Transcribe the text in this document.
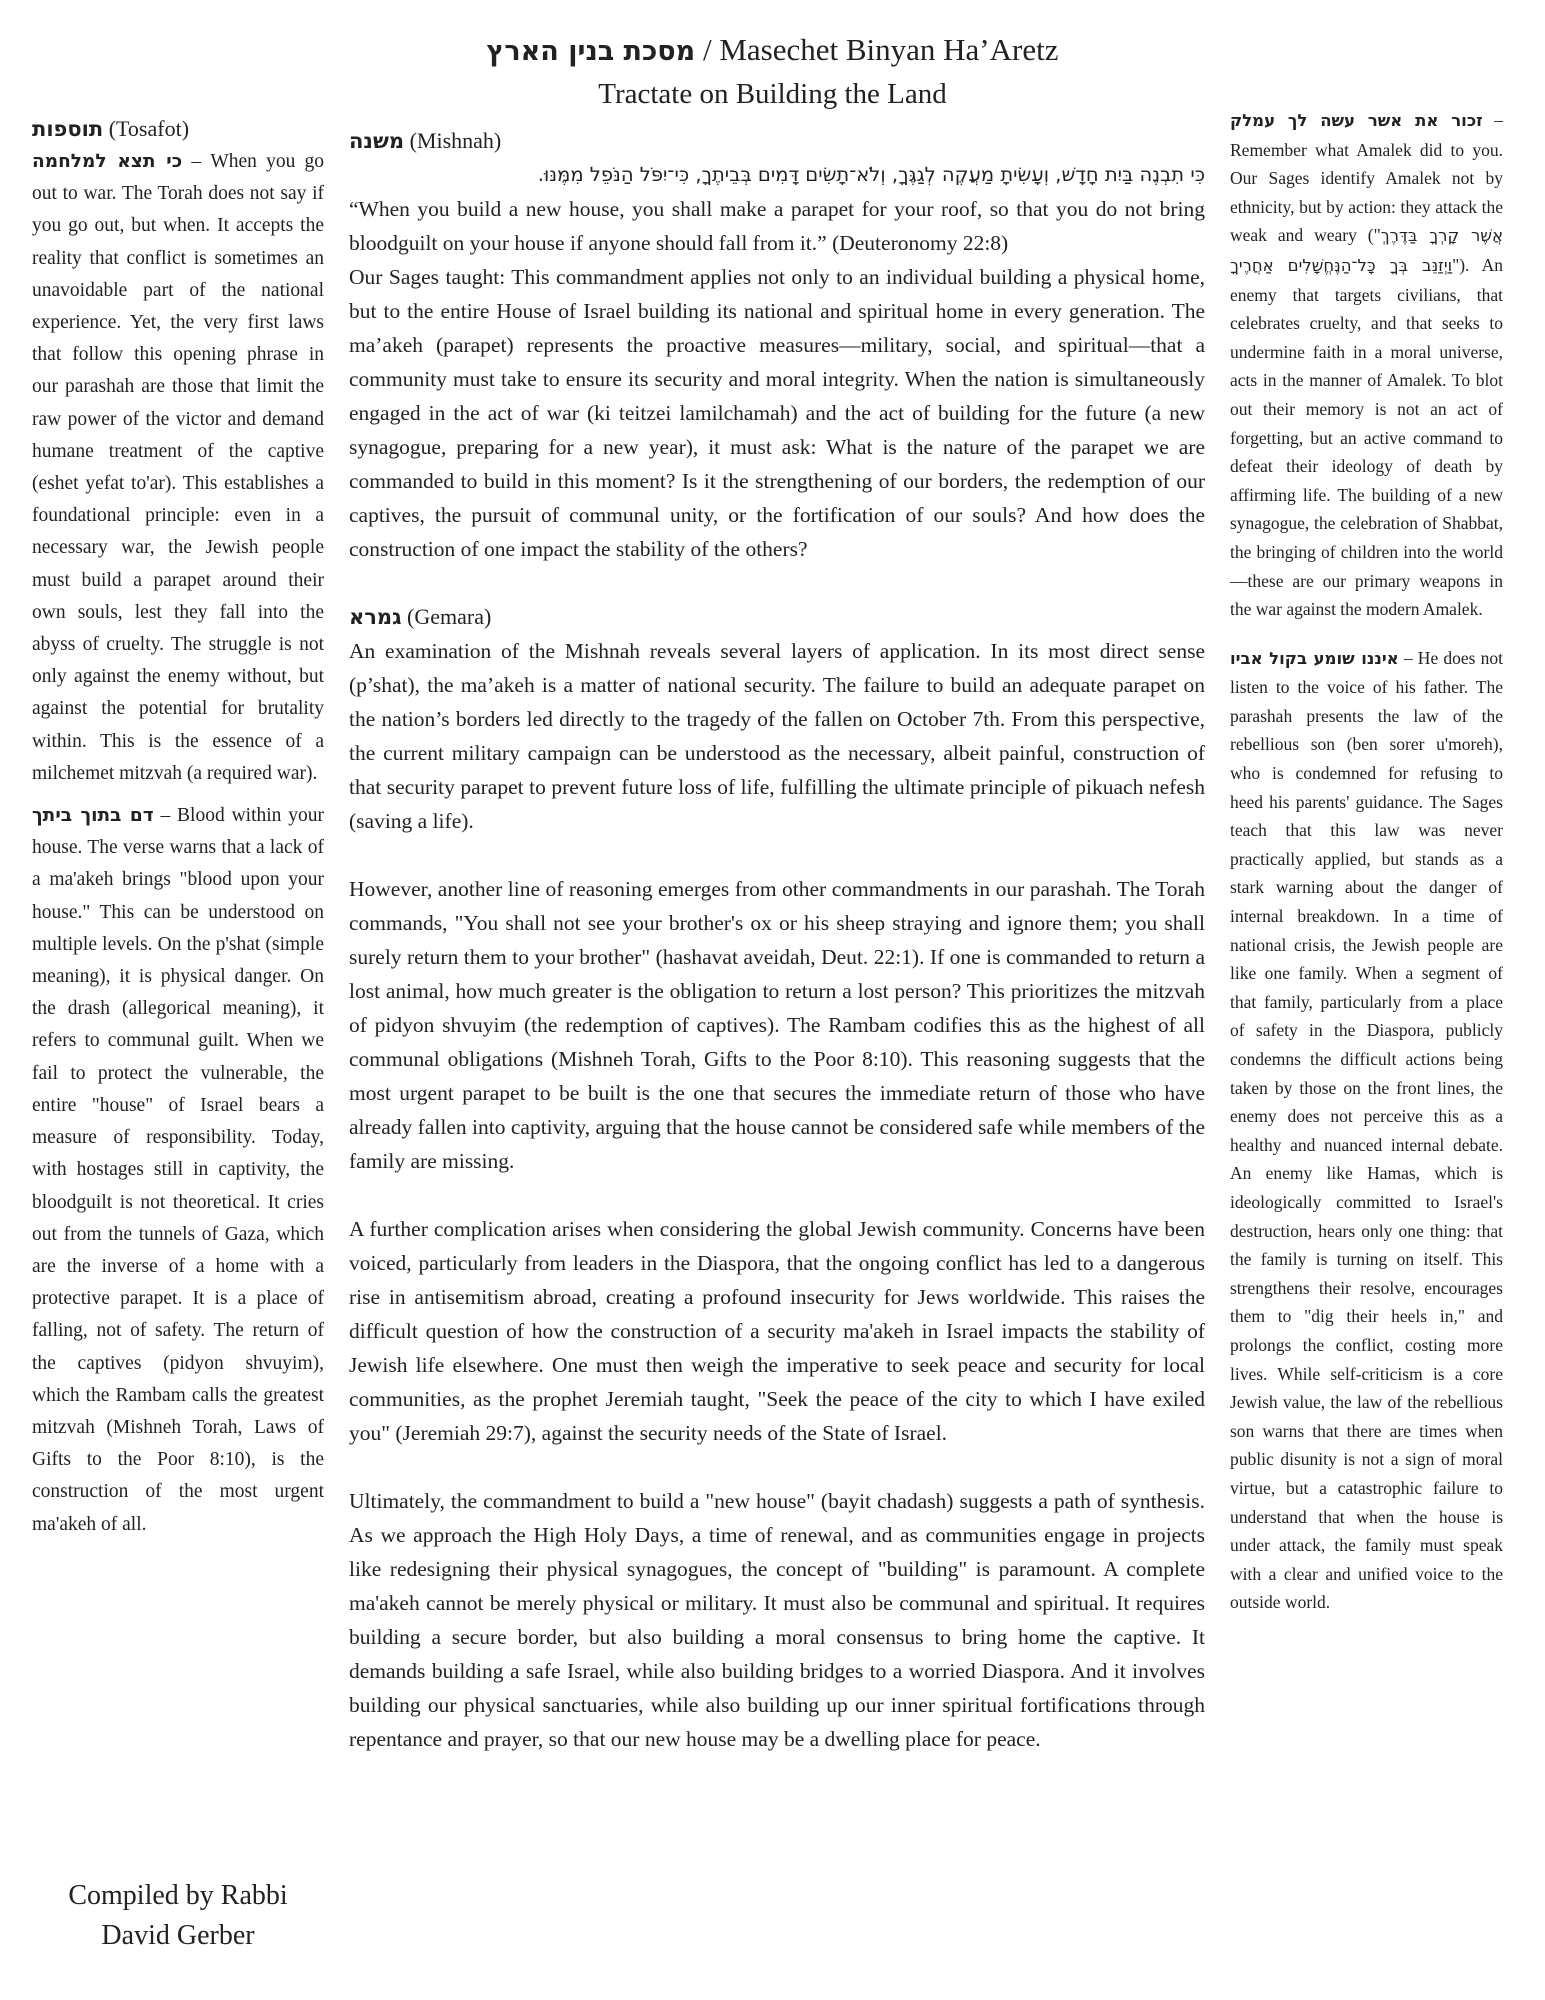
מסכת בנין הארץ / Masechet Binyan Ha’Aretz
Tractate on Building the Land
תוספות (Tosafot)

כי תצא למלחמה – When you go out to war. The Torah does not say if you go out, but when. It accepts the reality that conflict is sometimes an unavoidable part of the national experience. Yet, the very first laws that follow this opening phrase in our parashah are those that limit the raw power of the victor and demand humane treatment of the captive (eshet yefat to'ar). This establishes a foundational principle: even in a necessary war, the Jewish people must build a parapet around their own souls, lest they fall into the abyss of cruelty. The struggle is not only against the enemy without, but against the potential for brutality within. This is the essence of a milchemet mitzvah (a required war).

דם בתוך ביתך – Blood within your house. The verse warns that a lack of a ma'akeh brings "blood upon your house." This can be understood on multiple levels. On the p'shat (simple meaning), it is physical danger. On the drash (allegorical meaning), it refers to communal guilt. When we fail to protect the vulnerable, the entire "house" of Israel bears a measure of responsibility. Today, with hostages still in captivity, the bloodguilt is not theoretical. It cries out from the tunnels of Gaza, which are the inverse of a home with a protective parapet. It is a place of falling, not of safety. The return of the captives (pidyon shvuyim), which the Rambam calls the greatest mitzvah (Mishneh Torah, Laws of Gifts to the Poor 8:10), is the construction of the most urgent ma'akeh of all.

Compiled by Rabbi David Gerber
משנה (Mishnah)
כִּי תִבְנֶה בַּיִת חָדָשׁ, וְעָשִׂיתָ מַעֲקֶה לְגַגֶּךָ, וְלֹא־תָשִׂים דָּמִים בְּבֵיתֶךָ, כִּי־יִפֹּל הַנֹּפֵל מִמֶּנּוּ.

“When you build a new house, you shall make a parapet for your roof, so that you do not bring bloodguilt on your house if anyone should fall from it.” (Deuteronomy 22:8)

Our Sages taught: This commandment applies not only to an individual building a physical home, but to the entire House of Israel building its national and spiritual home in every generation. The ma’akeh (parapet) represents the proactive measures—military, social, and spiritual—that a community must take to ensure its security and moral integrity. When the nation is simultaneously engaged in the act of war (ki teitzei lamilchamah) and the act of building for the future (a new synagogue, preparing for a new year), it must ask: What is the nature of the parapet we are commanded to build in this moment? Is it the strengthening of our borders, the redemption of our captives, the pursuit of communal unity, or the fortification of our souls? And how does the construction of one impact the stability of the others?

גמרא (Gemara)

An examination of the Mishnah reveals several layers of application. In its most direct sense (p’shat), the ma’akeh is a matter of national security. The failure to build an adequate parapet on the nation’s borders led directly to the tragedy of the fallen on October 7th. From this perspective, the current military campaign can be understood as the necessary, albeit painful, construction of that security parapet to prevent future loss of life, fulfilling the ultimate principle of pikuach nefesh (saving a life).

However, another line of reasoning emerges from other commandments in our parashah. The Torah commands, "You shall not see your brother's ox or his sheep straying and ignore them; you shall surely return them to your brother" (hashavat aveidah, Deut. 22:1). If one is commanded to return a lost animal, how much greater is the obligation to return a lost person? This prioritizes the mitzvah of pidyon shvuyim (the redemption of captives). The Rambam codifies this as the highest of all communal obligations (Mishneh Torah, Gifts to the Poor 8:10). This reasoning suggests that the most urgent parapet to be built is the one that secures the immediate return of those who have already fallen into captivity, arguing that the house cannot be considered safe while members of the family are missing.

A further complication arises when considering the global Jewish community. Concerns have been voiced, particularly from leaders in the Diaspora, that the ongoing conflict has led to a dangerous rise in antisemitism abroad, creating a profound insecurity for Jews worldwide. This raises the difficult question of how the construction of a security ma'akeh in Israel impacts the stability of Jewish life elsewhere. One must then weigh the imperative to seek peace and security for local communities, as the prophet Jeremiah taught, "Seek the peace of the city to which I have exiled you" (Jeremiah 29:7), against the security needs of the State of Israel.

Ultimately, the commandment to build a "new house" (bayit chadash) suggests a path of synthesis. As we approach the High Holy Days, a time of renewal, and as communities engage in projects like redesigning their physical synagogues, the concept of "building" is paramount. A complete ma'akeh cannot be merely physical or military. It must also be communal and spiritual. It requires building a secure border, but also building a moral consensus to bring home the captive. It demands building a safe Israel, while also building bridges to a worried Diaspora. And it involves building our physical sanctuaries, while also building up our inner spiritual fortifications through repentance and prayer, so that our new house may be a dwelling place for peace.

זכור את אשר עשה לך עמלק – Remember what Amalek did to you. Our Sages identify Amalek not by ethnicity, but by action: they attack the weak and weary ("אֲשֶׁר קָרְךָ בַּדֶּרֶךְ וַיְזַנֵּב בְּךָ כָּל־הַנֶּחֱשָׁלִים אַחֲרֶיךָ"). An enemy that targets civilians, that celebrates cruelty, and that seeks to undermine faith in a moral universe, acts in the manner of Amalek. To blot out their memory is not an act of forgetting, but an active command to defeat their ideology of death by affirming life. The building of a new synagogue, the celebration of Shabbat, the bringing of children into the world—these are our primary weapons in the war against the modern Amalek.

איננו שומע בקול אביו – He does not listen to the voice of his father. The parashah presents the law of the rebellious son (ben sorer u'moreh), who is condemned for refusing to heed his parents' guidance. The Sages teach that this law was never practically applied, but stands as a stark warning about the danger of internal breakdown. In a time of national crisis, the Jewish people are like one family. When a segment of that family, particularly from a place of safety in the Diaspora, publicly condemns the difficult actions being taken by those on the front lines, the enemy does not perceive this as a healthy and nuanced internal debate. An enemy like Hamas, which is ideologically committed to Israel's destruction, hears only one thing: that the family is turning on itself. This strengthens their resolve, encourages them to "dig their heels in," and prolongs the conflict, costing more lives. While self-criticism is a core Jewish value, the law of the rebellious son warns that there are times when public disunity is not a sign of moral virtue, but a catastrophic failure to understand that when the house is under attack, the family must speak with a clear and unified voice to the outside world.
